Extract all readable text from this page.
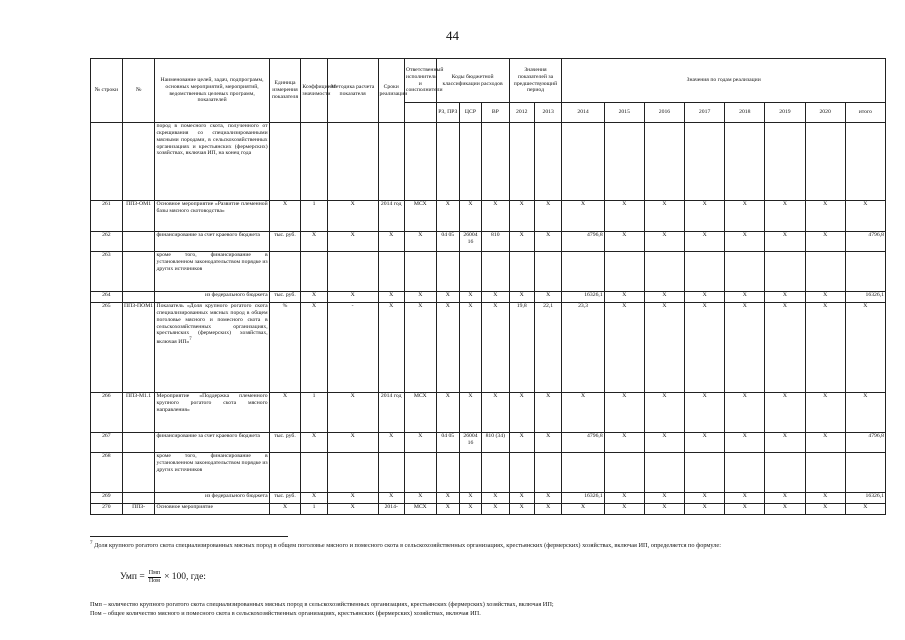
44
№ строки	№	Наименование целей, задач, подпрограмм, основных мероприятий, мероприятий, ведомственных целевых программ, показателей	Единица измерения показателя	Коэффициент значимости	Методика расчета показателя	Сроки реализации	Ответственный исполнитель и соисполнители	Коды бюджетной классификации расходов			Значения показателей за предшествующий период		Значения по годам реализации							
								РЗ, ПРЗ	ЦСР	ВР	2012	2013	2014	2015	2016	2017	2018	2019	2020	итого
		пород в помесного скота, полученного от скрещивания со специализированными мясными породами, в сельскохозяйственных организациях и крестьянских (фермерских) хозяйствах, включая ИП, на конец года																		
261	ППЗ-ОМ1	Основное мероприятие «Развитие племенной базы мясного скотоводства»	X	1	X	2014 год	МСХ	X	X	X	X	X	X	X	X	X	X	X	X	X
262		финансирование за счет краевого бюджета	тыс. руб.	X	X	X	X	04 05	26004 16	810	X	X	4796,8	X	X	X	X	X	X	4796,8
263		кроме того, финансирование в установленном законодательством порядке из других источников																		
264		из федерального бюджета	тыс. руб.	X	X	X	X	X	X	X	X	X	16326,1	X	X	X	X	X	X	16326,1
265	ППЗ-ПОМ1	Показатель «Доля крупного рогатого скота специализированных мясных пород в общем поголовье мясного и помесного скота в сельскохозяйственных организациях, крестьянских (фермерских) хозяйствах, включая ИП»$^7$	%	X	-	X	X	X	X	X	19,8	22,1	23,3	X	X	X	X	X	X	X
266	ППЗ-М1.1	Мероприятие «Поддержка племенного крупного рогатого скота мясного направления»	X	1	X	2014 год	МСХ	X	X	X	X	X	X	X	X	X	X	X	X	X
267		финансирование за счет краевого бюджета	тыс. руб.	X	X	X	X	04 05	26004 16	810 (34)	X	X	4796,8	X	X	X	X	X	X	4796,8
268		кроме того, финансирование в установленном законодательством порядке из других источников																		
269		из федерального бюджета	тыс. руб.	X	X	X	X	X	X	X	X	X	16326,1	X	X	X	X	X	X	16326,1
270	ППЗ-	Основное мероприятие	X	1	X	2014-	МСХ	X	X	X	X	X	X	X	X	X	X	X	X	X
$^7$ Доля крупного рогатого скота специализированных мясных пород в общем поголовье мясного и помесного скота в сельскохозяйственных организациях, крестьянских (фермерских) хозяйствах, включая ИП, определяется по формуле:
Умп = $\frac{\text{Пмп}}{\text{Пом}} \times 100$, где:
Пмп – количество крупного рогатого скота специализированных мясных пород в сельскохозяйственных организациях, крестьянских (фермерских) хозяйствах, включая ИП;
Пом – общее количество мясного и помесного скота в сельскохозяйственных организациях, крестьянских (фермерских) хозяйствах, включая ИП.
